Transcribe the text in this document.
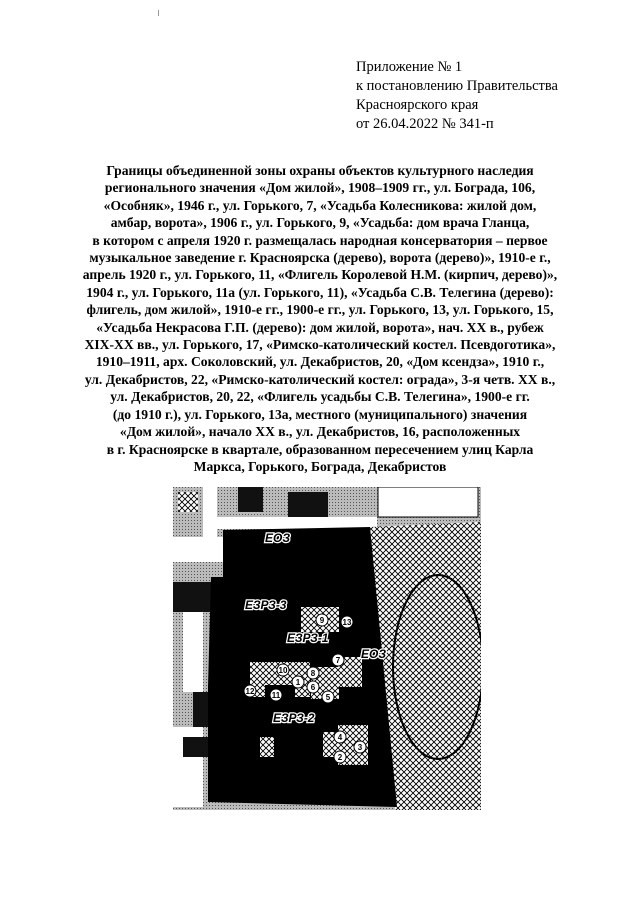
Приложение № 1
к постановлению Правительства
Красноярского края
от 26.04.2022 № 341-п
Границы объединенной зоны охраны объектов культурного наследия
регионального значения «Дом жилой», 1908–1909 гг., ул. Бограда, 106,
«Особняк», 1946 г., ул. Горького, 7, «Усадьба Колесникова: жилой дом,
амбар, ворота», 1906 г., ул. Горького, 9, «Усадьба: дом врача Гланца,
в котором с апреля 1920 г. размещалась народная консерватория – первое
музыкальное заведение г. Красноярска (дерево), ворота (дерево)», 1910-е г.,
апрель 1920 г., ул. Горького, 11, «Флигель Королевой Н.М. (кирпич, дерево)»,
1904 г., ул. Горького, 11а (ул. Горького, 11), «Усадьба С.В. Телегина (дерево):
флигель, дом жилой», 1910-е гг., 1900-е гг., ул. Горького, 13, ул. Горького, 15,
«Усадьба Некрасова Г.П. (дерево): дом жилой, ворота», нач. XX в., рубеж
XIX-XX вв., ул. Горького, 17, «Римско-католический костел. Псевдоготика»,
1910–1911, арх. Соколовский, ул. Декабристов, 20, «Дом ксендза», 1910 г.,
ул. Декабристов, 22, «Римско-католический костел: ограда», 3-я четв. XX в.,
ул. Декабристов, 20, 22, «Флигель усадьбы С.В. Телегина», 1900-е гг.
(до 1910 г.), ул. Горького, 13а, местного (муниципального) значения
«Дом жилой», начало XX в., ул. Декабристов, 16, расположенных
в г. Красноярске в квартале, образованном пересечением улиц Карла
Маркса, Горького, Бограда, Декабристов
ЕОЗ
ЕЗРЗ-3
ЕЗРЗ-1
ЕОЗ
ЕЗРЗ-2
1
2
3
4
5
6
7
8
9
10
11
12
13
